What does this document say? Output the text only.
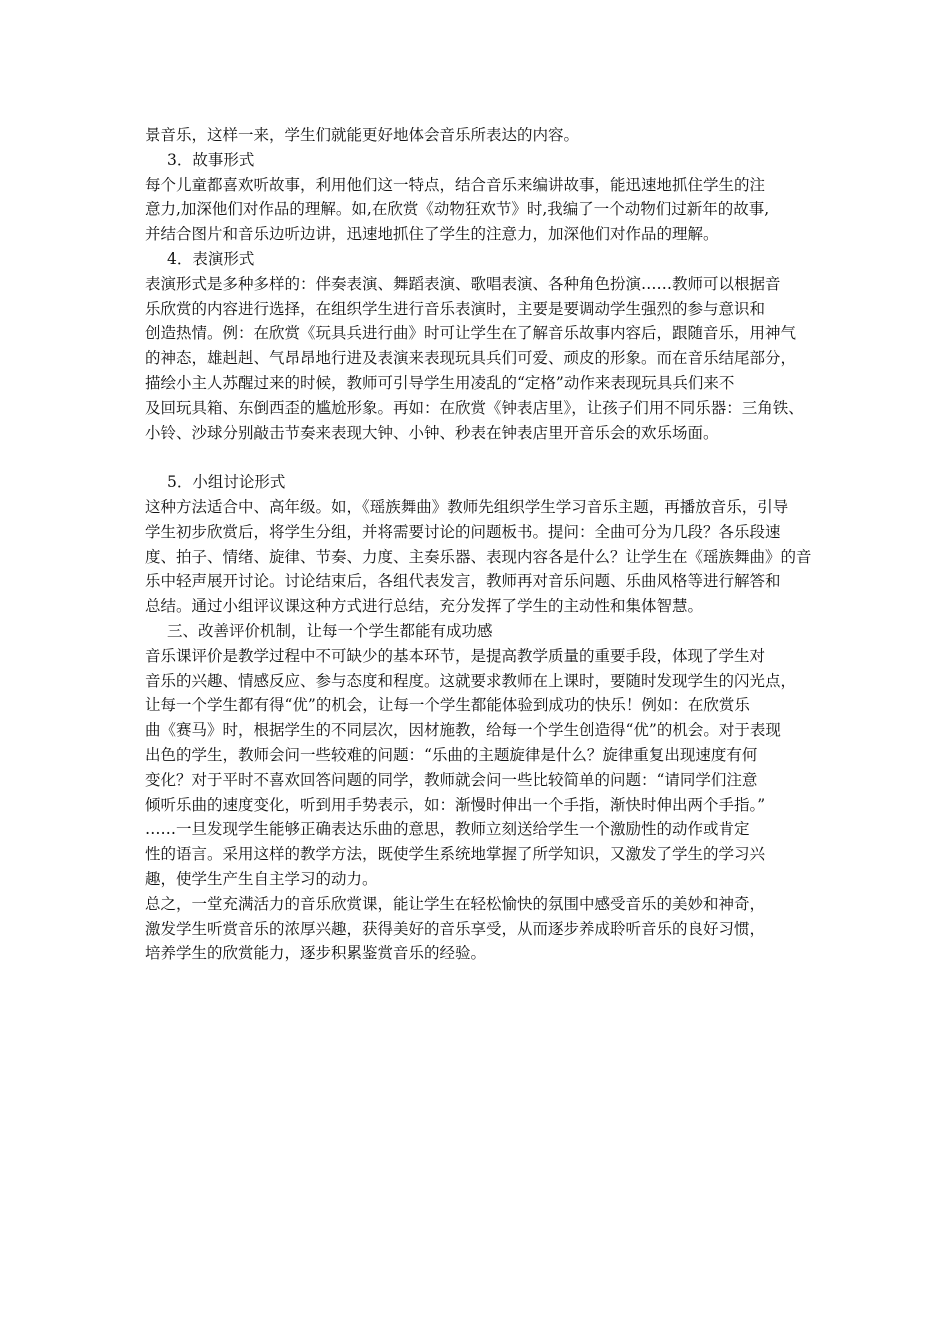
景音乐，这样一来，学生们就能更好地体会音乐所表达的内容。
3．故事形式
每个儿童都喜欢听故事，利用他们这一特点，结合音乐来编讲故事，能迅速地抓住学生的注
意力,加深他们对作品的理解。如,在欣赏《动物狂欢节》时,我编了一个动物们过新年的故事,
并结合图片和音乐边听边讲，迅速地抓住了学生的注意力，加深他们对作品的理解。
4．表演形式
表演形式是多种多样的：伴奏表演、舞蹈表演、歌唱表演、各种角色扮演……教师可以根据音
乐欣赏的内容进行选择，在组织学生进行音乐表演时，主要是要调动学生强烈的参与意识和
创造热情。例：在欣赏《玩具兵进行曲》时可让学生在了解音乐故事内容后，跟随音乐，用神气
的神态，雄赳赳、气昂昂地行进及表演来表现玩具兵们可爱、顽皮的形象。而在音乐结尾部分，
描绘小主人苏醒过来的时候，教师可引导学生用凌乱的“定格”动作来表现玩具兵们来不
及回玩具箱、东倒西歪的尴尬形象。再如：在欣赏《钟表店里》，让孩子们用不同乐器：三角铁、
小铃、沙球分别敲击节奏来表现大钟、小钟、秒表在钟表店里开音乐会的欢乐场面。
5．小组讨论形式
这种方法适合中、高年级。如，《瑶族舞曲》教师先组织学生学习音乐主题，再播放音乐，引导
学生初步欣赏后，将学生分组，并将需要讨论的问题板书。提问：全曲可分为几段？各乐段速
度、拍子、情绪、旋律、节奏、力度、主奏乐器、表现内容各是什么？让学生在《瑶族舞曲》的音
乐中轻声展开讨论。讨论结束后，各组代表发言，教师再对音乐问题、乐曲风格等进行解答和
总结。通过小组评议课这种方式进行总结，充分发挥了学生的主动性和集体智慧。
三、改善评价机制，让每一个学生都能有成功感
音乐课评价是教学过程中不可缺少的基本环节，是提高教学质量的重要手段，体现了学生对
音乐的兴趣、情感反应、参与态度和程度。这就要求教师在上课时，要随时发现学生的闪光点，
让每一个学生都有得“优”的机会，让每一个学生都能体验到成功的快乐！例如：在欣赏乐
曲《赛马》时，根据学生的不同层次，因材施教，给每一个学生创造得“优”的机会。对于表现
出色的学生，教师会问一些较难的问题：“乐曲的主题旋律是什么？旋律重复出现速度有何
变化？对于平时不喜欢回答问题的同学，教师就会问一些比较简单的问题：“请同学们注意
倾听乐曲的速度变化，听到用手势表示，如：渐慢时伸出一个手指，渐快时伸出两个手指。”
……一旦发现学生能够正确表达乐曲的意思，教师立刻送给学生一个激励性的动作或肯定
性的语言。采用这样的教学方法，既使学生系统地掌握了所学知识，又激发了学生的学习兴
趣，使学生产生自主学习的动力。
总之，一堂充满活力的音乐欣赏课，能让学生在轻松愉快的氛围中感受音乐的美妙和神奇，
激发学生听赏音乐的浓厚兴趣，获得美好的音乐享受，从而逐步养成聆听音乐的良好习惯，
培养学生的欣赏能力，逐步积累鉴赏音乐的经验。
